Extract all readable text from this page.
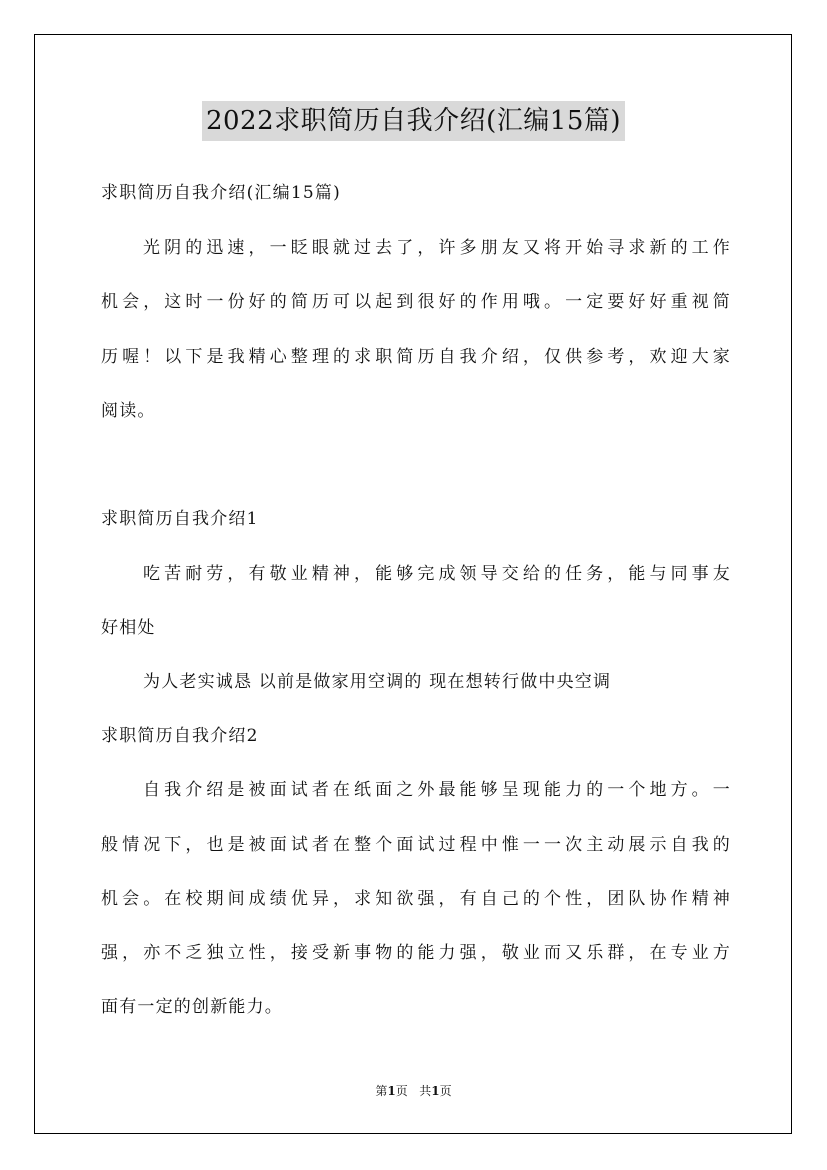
2022求职简历自我介绍(汇编15篇)
求职简历自我介绍(汇编15篇)
光阴的迅速，一眨眼就过去了，许多朋友又将开始寻求新的工作
机会，这时一份好的简历可以起到很好的作用哦。一定要好好重视简
历喔！以下是我精心整理的求职简历自我介绍，仅供参考，欢迎大家
阅读。
求职简历自我介绍1
吃苦耐劳，有敬业精神，能够完成领导交给的任务，能与同事友
好相处
为人老实诚恳 以前是做家用空调的 现在想转行做中央空调
求职简历自我介绍2
自我介绍是被面试者在纸面之外最能够呈现能力的一个地方。一
般情况下，也是被面试者在整个面试过程中惟一一次主动展示自我的
机会。在校期间成绩优异，求知欲强，有自己的个性，团队协作精神
强，亦不乏独立性，接受新事物的能力强，敬业而又乐群，在专业方
面有一定的创新能力。
第1页 共1页
